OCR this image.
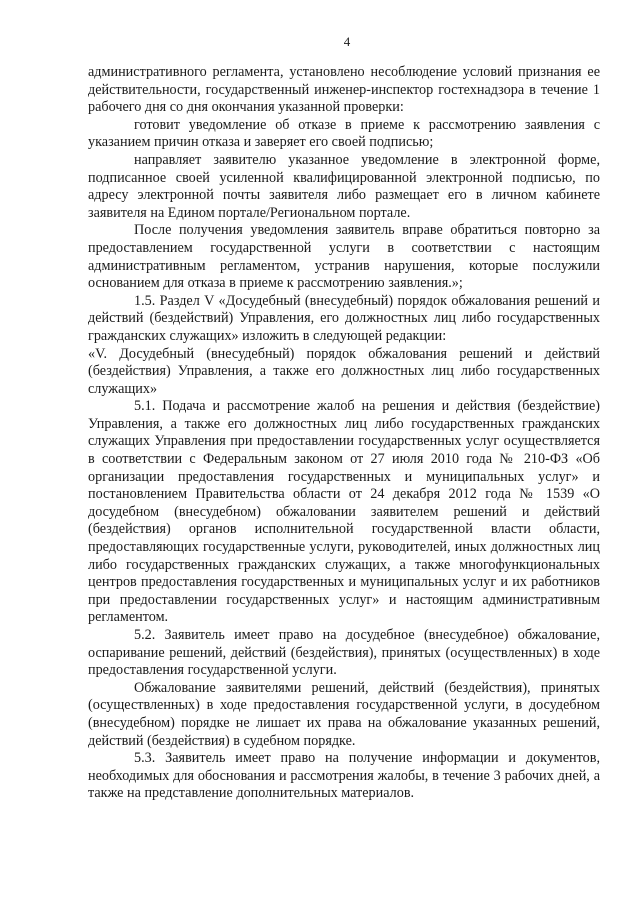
4

административного регламента, установлено несоблюдение условий признания ее действительности, государственный инженер-инспектор гостехнадзора в течение 1 рабочего дня со дня окончания указанной проверки:

готовит уведомление об отказе в приеме к рассмотрению заявления с указанием причин отказа и заверяет его своей подписью;

направляет заявителю указанное уведомление в электронной форме, подписанное своей усиленной квалифицированной электронной подписью, по адресу электронной почты заявителя либо размещает его в личном кабинете заявителя на Едином портале/Региональном портале.

После получения уведомления заявитель вправе обратиться повторно за предоставлением государственной услуги в соответствии с настоящим административным регламентом, устранив нарушения, которые послужили основанием для отказа в приеме к рассмотрению заявления.»;

1.5. Раздел V «Досудебный (внесудебный) порядок обжалования решений и действий (бездействий) Управления, его должностных лиц либо государственных гражданских служащих» изложить в следующей редакции:

«V. Досудебный (внесудебный) порядок обжалования решений и действий (бездействия) Управления, а также его должностных лиц либо государственных служащих»

5.1. Подача и рассмотрение жалоб на решения и действия (бездействие) Управления, а также его должностных лиц либо государственных гражданских служащих Управления при предоставлении государственных услуг осуществляется в соответствии с Федеральным законом от 27 июля 2010 года № 210-ФЗ «Об организации предоставления государственных и муниципальных услуг» и постановлением Правительства области от 24 декабря 2012 года № 1539 «О досудебном (внесудебном) обжаловании заявителем решений и действий (бездействия) органов исполнительной государственной власти области, предоставляющих государственные услуги, руководителей, иных должностных лиц либо государственных гражданских служащих, а также многофункциональных центров предоставления государственных и муниципальных услуг и их работников при предоставлении государственных услуг» и настоящим административным регламентом.

5.2. Заявитель имеет право на досудебное (внесудебное) обжалование, оспаривание решений, действий (бездействия), принятых (осуществленных) в ходе предоставления государственной услуги.

Обжалование заявителями решений, действий (бездействия), принятых (осуществленных) в ходе предоставления государственной услуги, в досудебном (внесудебном) порядке не лишает их права на обжалование указанных решений, действий (бездействия) в судебном порядке.

5.3. Заявитель имеет право на получение информации и документов, необходимых для обоснования и рассмотрения жалобы, в течение 3 рабочих дней, а также на представление дополнительных материалов.
